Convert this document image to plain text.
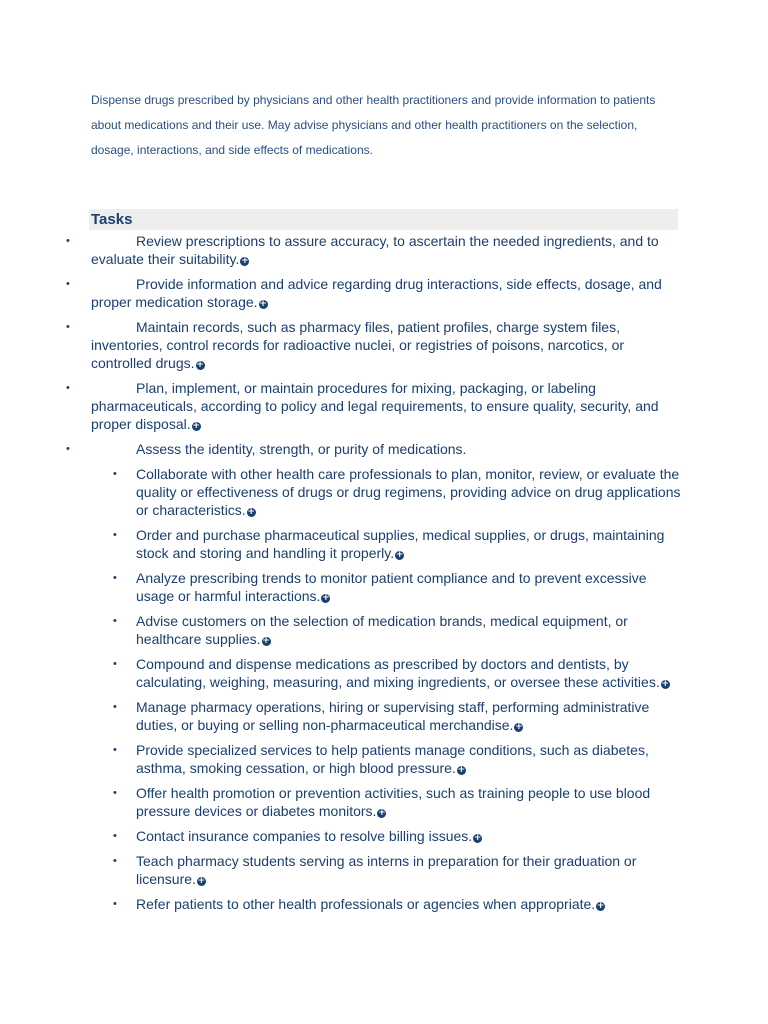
Dispense drugs prescribed by physicians and other health practitioners and provide information to patients about medications and their use. May advise physicians and other health practitioners on the selection, dosage, interactions, and side effects of medications.
Tasks
•	Review prescriptions to assure accuracy, to ascertain the needed ingredients, and to evaluate their suitability. +
•	Provide information and advice regarding drug interactions, side effects, dosage, and proper medication storage. +
•	Maintain records, such as pharmacy files, patient profiles, charge system files, inventories, control records for radioactive nuclei, or registries of poisons, narcotics, or controlled drugs. +
•	Plan, implement, or maintain procedures for mixing, packaging, or labeling pharmaceuticals, according to policy and legal requirements, to ensure quality, security, and proper disposal. +
•	Assess the identity, strength, or purity of medications.
• Collaborate with other health care professionals to plan, monitor, review, or evaluate the quality or effectiveness of drugs or drug regimens, providing advice on drug applications or characteristics. +
• Order and purchase pharmaceutical supplies, medical supplies, or drugs, maintaining stock and storing and handling it properly. +
• Analyze prescribing trends to monitor patient compliance and to prevent excessive usage or harmful interactions. +
• Advise customers on the selection of medication brands, medical equipment, or healthcare supplies. +
• Compound and dispense medications as prescribed by doctors and dentists, by calculating, weighing, measuring, and mixing ingredients, or oversee these activities. +
• Manage pharmacy operations, hiring or supervising staff, performing administrative duties, or buying or selling non-pharmaceutical merchandise. +
• Provide specialized services to help patients manage conditions, such as diabetes, asthma, smoking cessation, or high blood pressure. +
• Offer health promotion or prevention activities, such as training people to use blood pressure devices or diabetes monitors. +
• Contact insurance companies to resolve billing issues. +
• Teach pharmacy students serving as interns in preparation for their graduation or licensure. +
• Refer patients to other health professionals or agencies when appropriate. +
